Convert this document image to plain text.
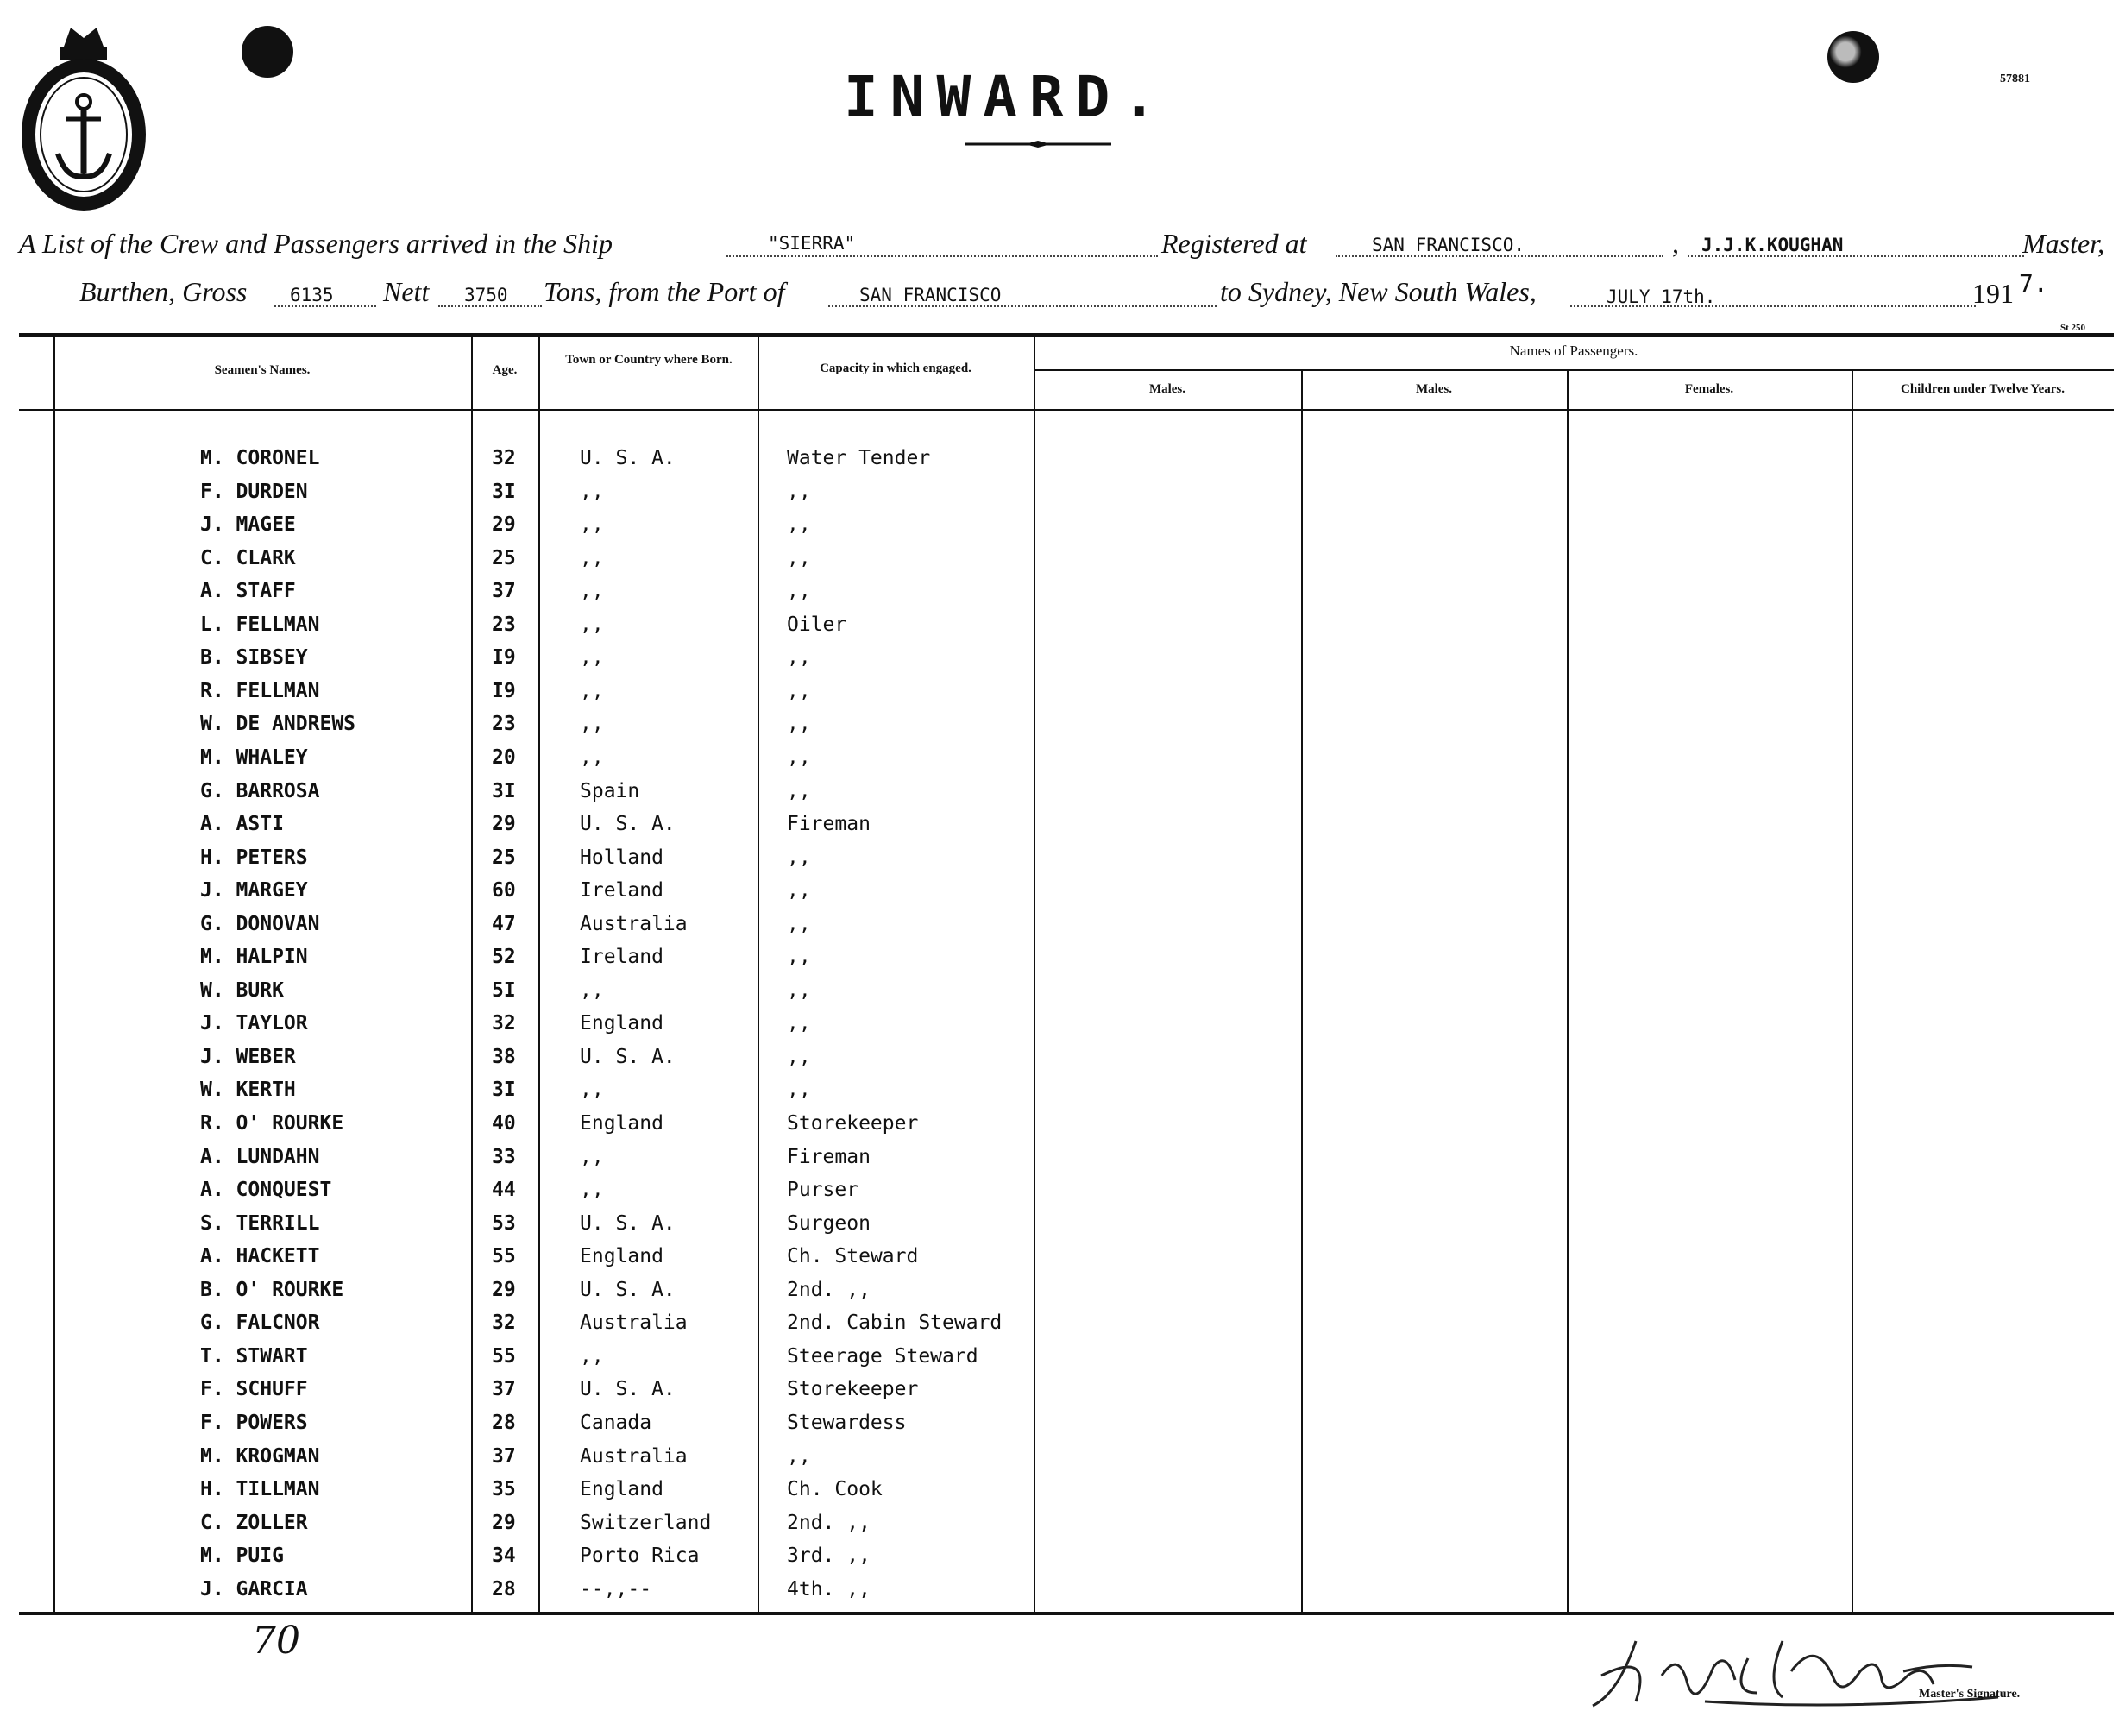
INWARD.	57881
A List of the Crew and Passengers arrived in the Ship	"SIERRA"	Registered at	SAN FRANCISCO.	, J.J.K.KOUGHAN	Master,
Burthen, Gross 6135 Nett 3750 Tons, from the Port of	SAN FRANCISCO	to Sydney, New South Wales,	JULY 17th.	191 7.
St 250
Seamen's Names.	Age.
Town or Country where Born.
Capacity in which engaged.
Names of Passengers.
Males.	Males.	Females.	Children under Twelve Years.
M. CORONEL	32	U. S. A.	Water Tender
F. DURDEN	3I	,,	,,
J. MAGEE	29	,,	,,
C. CLARK	25	,,	,,
A. STAFF	37	,,	,,
L. FELLMAN	23	,,	Oiler
B. SIBSEY	I9	,,	,,
R. FELLMAN	I9	,,	,,
W. DE ANDREWS	23	,,	,,
M. WHALEY	20	,,	,,
G. BARROSA	3I	Spain	,,
A. ASTI	29	U. S. A.	Fireman
H. PETERS	25	Holland	,,
J. MARGEY	60	Ireland	,,
G. DONOVAN	47	Australia	,,
M. HALPIN	52	Ireland	,,
W. BURK	5I	,,	,,
J. TAYLOR	32	England	,,
J. WEBER	38	U. S. A.	,,
W. KERTH	3I	,,	,,
R. O' ROURKE	40	England	Storekeeper
A. LUNDAHN	33	,,	Fireman
A. CONQUEST	44	,,	Purser
S. TERRILL	53	U. S. A.	Surgeon
A. HACKETT	55	England	Ch. Steward
B. O' ROURKE	29	U. S. A.	2nd. ,,
G. FALCNOR	32	Australia	2nd. Cabin Steward
T. STWART	55	,,	Steerage Steward
F. SCHUFF	37	U. S. A.	Storekeeper
F. POWERS	28	Canada	Stewardess
M. KROGMAN	37	Australia	,,
H. TILLMAN	35	England	Ch. Cook
C. ZOLLER	29	Switzerland	2nd. ,,
M. PUIG	34	Porto Rica	3rd. ,,
J. GARCIA	28	--,,--	4th. ,,
70	John J K Koughan
Master's Signature.
